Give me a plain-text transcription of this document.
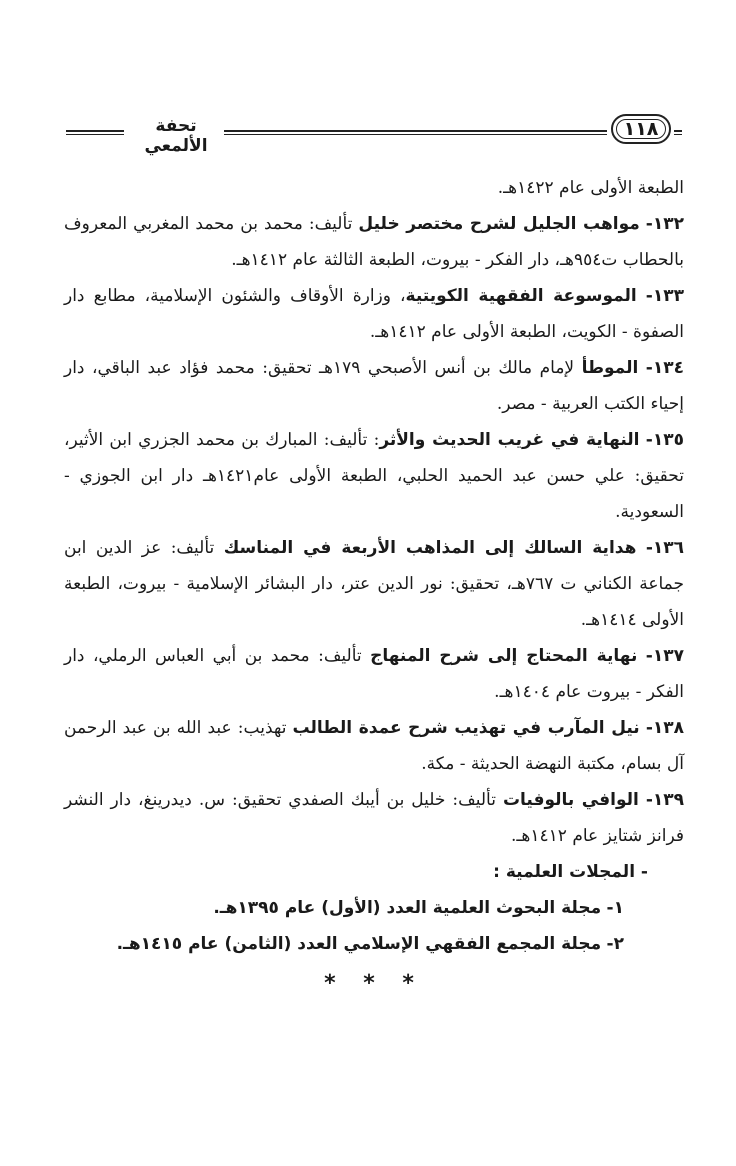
تحفة الألمعي
١١٨

الطبعة الأولى عام ١٤٢٢هـ.

١٣٢- مواهب الجليل لشرح مختصر خليل تأليف: محمد بن محمد المغربي المعروف بالحطاب ت٩٥٤هـ، دار الفكر - بيروت، الطبعة الثالثة عام ١٤١٢هـ.

١٣٣- الموسوعة الفقهية الكويتية، وزارة الأوقاف والشئون الإسلامية، مطابع دار الصفوة - الكويت، الطبعة الأولى عام ١٤١٢هـ.

١٣٤- الموطأ لإمام مالك بن أنس الأصبحي ١٧٩هـ تحقيق: محمد فؤاد عبد الباقي، دار إحياء الكتب العربية - مصر.

١٣٥- النهاية في غريب الحديث والأثر: تأليف: المبارك بن محمد الجزري ابن الأثير، تحقيق: علي حسن عبد الحميد الحلبي، الطبعة الأولى عام١٤٢١هـ دار ابن الجوزي - السعودية.

١٣٦- هداية السالك إلى المذاهب الأربعة في المناسك تأليف: عز الدين ابن جماعة الكناني ت ٧٦٧هـ، تحقيق: نور الدين عتر، دار البشائر الإسلامية - بيروت، الطبعة الأولى ١٤١٤هـ.

١٣٧- نهاية المحتاج إلى شرح المنهاج تأليف: محمد بن أبي العباس الرملي، دار الفكر - بيروت عام ١٤٠٤هـ.

١٣٨- نيل المآرب في تهذيب شرح عمدة الطالب تهذيب: عبد الله بن عبد الرحمن آل بسام، مكتبة النهضة الحديثة - مكة.

١٣٩- الوافي بالوفيات تأليف: خليل بن أيبك الصفدي تحقيق: س. ديدرينغ، دار النشر فرانز شتايز عام ١٤١٢هـ.

- المجلات العلمية :

١- مجلة البحوث العلمية العدد (الأول) عام ١٣٩٥هـ.

٢- مجلة المجمع الفقهي الإسلامي العدد (الثامن) عام ١٤١٥هـ.

* * *
